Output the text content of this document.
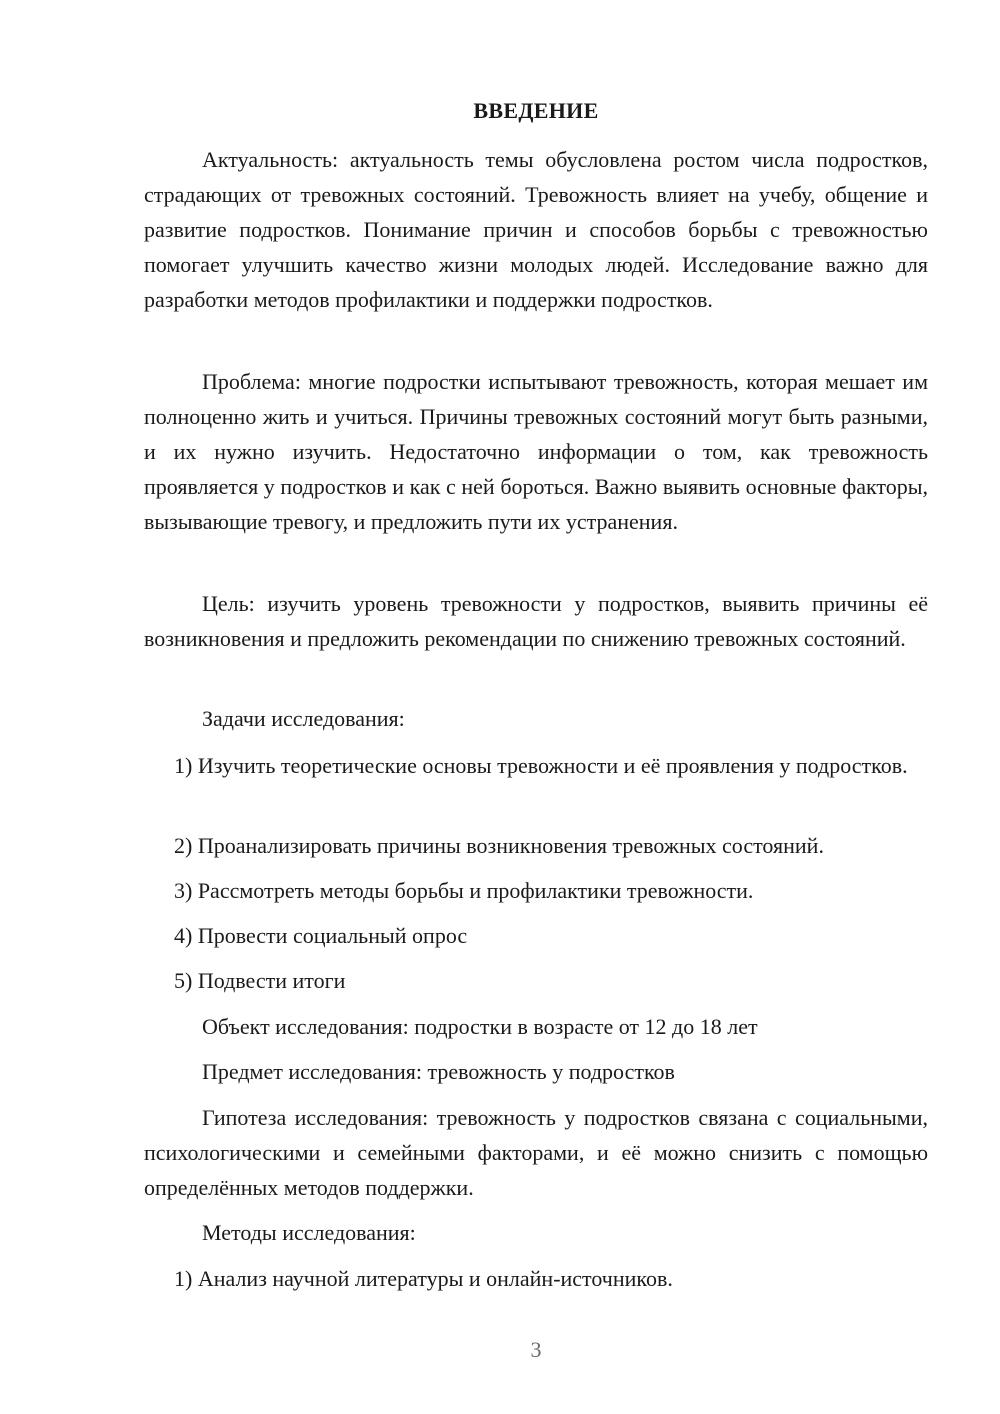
ВВЕДЕНИЕ

Актуальность: актуальность темы обусловлена ростом числа подростков, страдающих от тревожных состояний. Тревожность влияет на учебу, общение и развитие подростков. Понимание причин и способов борьбы с тревожностью помогает улучшить качество жизни молодых людей. Исследование важно для разработки методов профилактики и поддержки подростков.

Проблема: многие подростки испытывают тревожность, которая мешает им полноценно жить и учиться. Причины тревожных состояний могут быть разными, и их нужно изучить. Недостаточно информации о том, как тревожность проявляется у подростков и как с ней бороться. Важно выявить основные факторы, вызывающие тревогу, и предложить пути их устранения.

Цель: изучить уровень тревожности у подростков, выявить причины её возникновения и предложить рекомендации по снижению тревожных состояний.

Задачи исследования:

1) Изучить теоретические основы тревожности и её проявления у подростков.

2) Проанализировать причины возникновения тревожных состояний.
3) Рассмотреть методы борьбы и профилактики тревожности.
4) Провести социальный опрос
5) Подвести итоги
Объект исследования: подростки в возрасте от 12 до 18 лет
Предмет исследования: тревожность у подростков

Гипотеза исследования: тревожность у подростков связана с социальными, психологическими и семейными факторами, и её можно снизить с помощью определённых методов поддержки.

Методы исследования:
1) Анализ научной литературы и онлайн-источников.
3
